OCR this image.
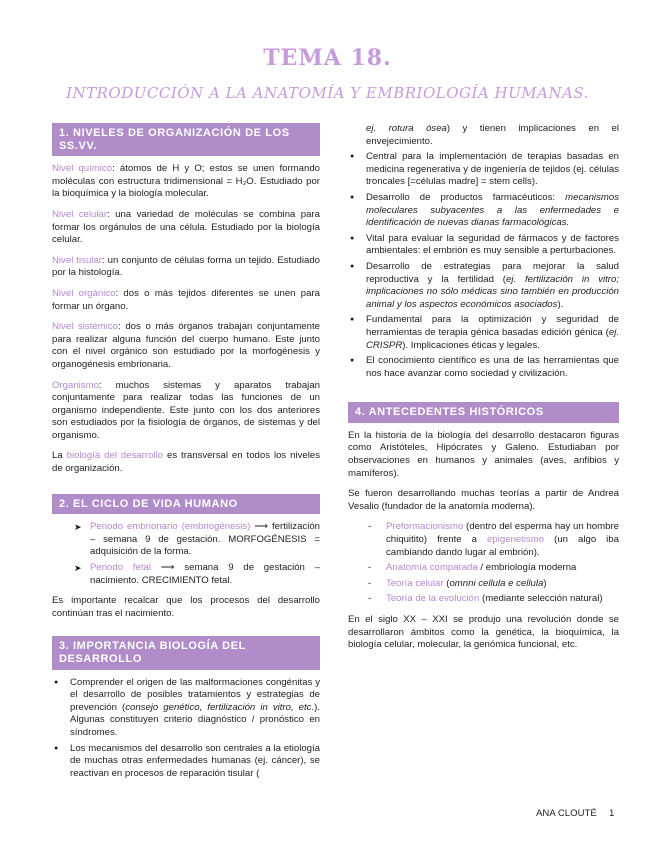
TEMA 18.
INTRODUCCIÓN A LA ANATOMÍA Y EMBRIOLOGÍA HUMANAS.
1. NIVELES DE ORGANIZACIÓN DE LOS SS.VV.

Nivel químico: átomos de H y O; estos se unen formando moléculas con estructura tridimensional = H₂O. Estudiado por la bioquímica y la biología molecular.

Nivel celular: una variedad de moléculas se combina para formar los orgánulos de una célula. Estudiado por la biología celular.

Nivel tisular: un conjunto de células forma un tejido. Estudiado por la histología.

Nivel orgánico: dos o más tejidos diferentes se unen para formar un órgano.

Nivel sistémico: dos o más órganos trabajan conjuntamente para realizar alguna función del cuerpo humano. Este junto con el nivel orgánico son estudiado por la morfogénesis y organogénesis embrionaria.

Organismo: muchos sistemas y aparatos trabajan conjuntamente para realizar todas las funciones de un organismo independiente. Este junto con los dos anteriores son estudiados por la fisiología de órganos, de sistemas y del organismo.

La biología del desarrollo es transversal en todos los niveles de organización.

2. EL CICLO DE VIDA HUMANO
➤ Periodo embrionario (embriogénesis) ⟶ fertilización – semana 9 de gestación. MORFOGÉNESIS = adquisición de la forma.
➤ Periodo fetal ⟶ semana 9 de gestación – nacimiento. CRECIMIENTO fetal.

Es importante recalcar que los procesos del desarrollo continúan tras el nacimiento.

3. IMPORTANCIA BIOLOGÍA DEL DESARROLLO
● Comprender el origen de las malformaciones congénitas y el desarrollo de posibles tratamientos y estrategias de prevención (consejo genético, fertilización in vitro, etc.). Algunas constituyen criterio diagnóstico / pronóstico en síndromes.
● Los mecanismos del desarrollo son centrales a la etiología de muchas otras enfermedades humanas (ej. cáncer), se reactivan en procesos de reparación tisular (
● ej. rotura ósea) y tienen implicaciones en el envejecimiento.
● Central para la implementación de terapias basadas en medicina regenerativa y de ingeniería de tejidos (ej. células troncales [=células madre] = stem cells).
● Desarrollo de productos farmacéuticos: mecanismos moleculares subyacentes a las enfermedades e identificación de nuevas dianas farmacológicas.
● Vital para evaluar la seguridad de fármacos y de factores ambientales: el embrión es muy sensible a perturbaciones.
● Desarrollo de estrategias para mejorar la salud reproductiva y la fertilidad (ej. fertilización in vitro; implicaciones no sólo médicas sino también en producción animal y los aspectos económicos asociados).
● Fundamental para la optimización y seguridad de herramientas de terapia génica basadas edición génica (ej. CRISPR). Implicaciones éticas y legales.
● El conocimiento científico es una de las herramientas que nos hace avanzar como sociedad y civilización.
4. ANTECEDENTES HISTÓRICOS

En la historia de la biología del desarrollo destacaron figuras como Aristóteles, Hipócrates y Galeno. Estudiaban por observaciones en humanos y animales (aves, anfibios y mamíferos).

Se fueron desarrollando muchas teorías a partir de Andrea Vesalio (fundador de la anatomía moderna).

- Preformacionismo (dentro del esperma hay un hombre chiquitito) frente a epigenetismo (un algo iba cambiando dando lugar al embrión).
- Anatomía comparada / embriología moderna
- Teoría celular (omnni cellula e cellula)
- Teoría de la evolución (mediante selección natural)

En el siglo XX – XXI se produjo una revolución donde se desarrollaron ámbitos como la genética, la bioquímica, la biología celular, molecular, la genómica funcional, etc.

ANA CLOUTÉ 1
